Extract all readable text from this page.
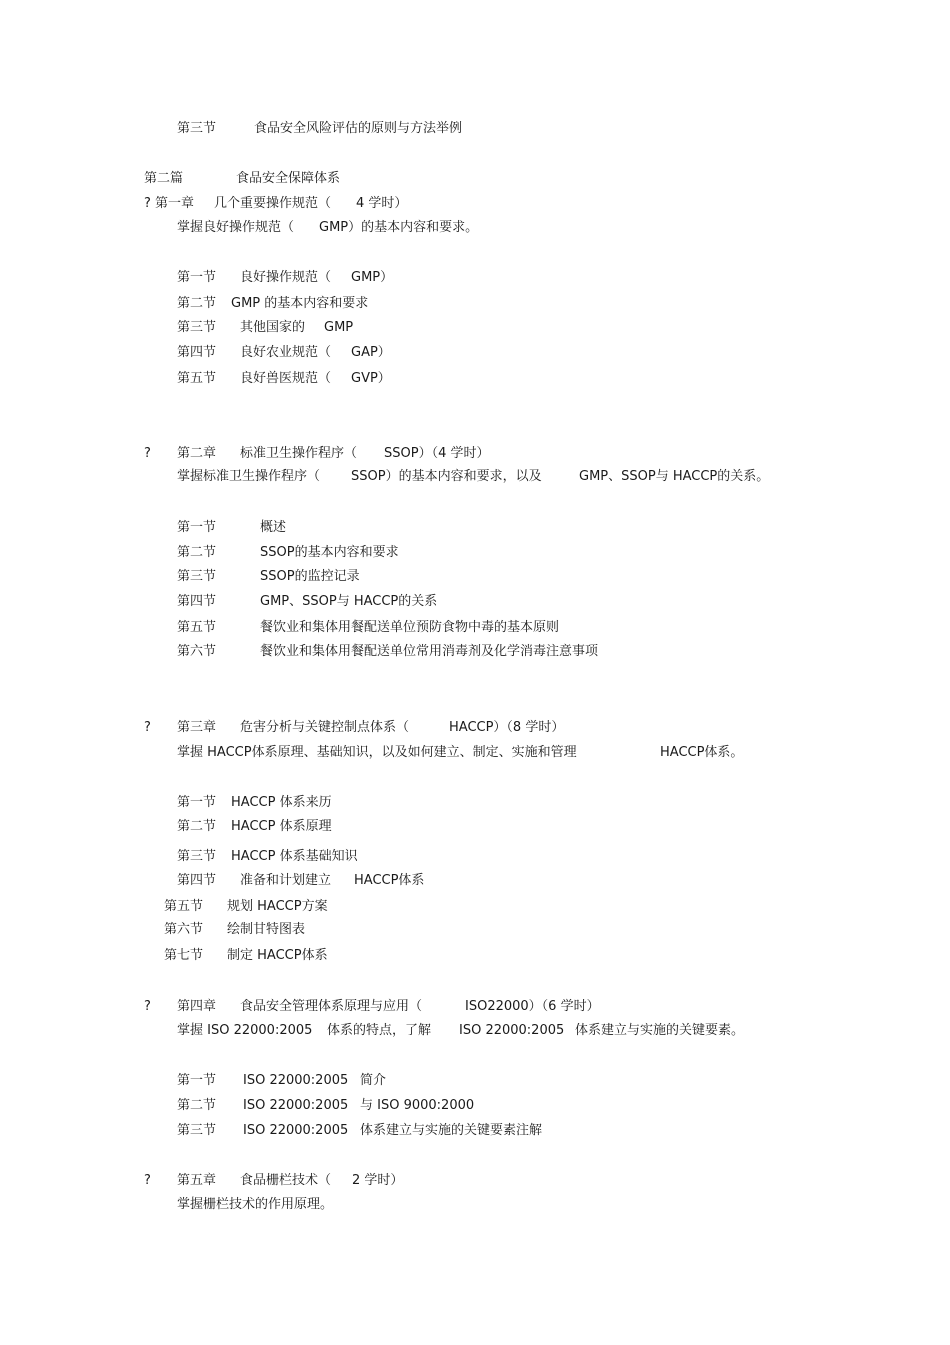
第三节	食品安全风险评估的原则与方法举例
第二篇	食品安全保障体系
? 第一章 几个重要操作规范（ 4 学时）
掌握良好操作规范（ GMP）的基本内容和要求。
第一节 良好操作规范（ GMP）
第二节 GMP 的基本内容和要求
第三节 其他国家的 GMP
第四节 良好农业规范（ GAP）
第五节 良好兽医规范（ GVP）
? 第二章 标准卫生操作程序（ SSOP）（4 学时）
掌握标准卫生操作程序（ SSOP）的基本内容和要求，以及	GMP、SSOP与 HACCP的关系。
第一节	概述
第二节	SSOP的基本内容和要求
第三节	SSOP的监控记录
第四节	GMP、SSOP与 HACCP的关系
第五节	餐饮业和集体用餐配送单位预防食物中毒的基本原则
第六节	餐饮业和集体用餐配送单位常用消毒剂及化学消毒注意事项
? 第三章 危害分析与关键控制点体系（	HACCP）（8 学时）
掌握 HACCP体系原理、基础知识，以及如何建立、制定、实施和管理	HACCP体系。
第一节 HACCP 体系来历
第二节 HACCP 体系原理
第三节 HACCP 体系基础知识
第四节 准备和计划建立 HACCP体系
第五节 规划 HACCP方案
第六节 绘制甘特图表
第七节 制定 HACCP体系
? 第四章 食品安全管理体系原理与应用（	ISO22000）（6 学时）
掌握 ISO 22000:2005 体系的特点，了解 ISO 22000:2005 体系建立与实施的关键要素。
第一节 ISO 22000:2005 简介
第二节 ISO 22000:2005 与 ISO 9000:2000
第三节 ISO 22000:2005 体系建立与实施的关键要素注解
? 第五章 食品栅栏技术（ 2 学时）
掌握栅栏技术的作用原理。
